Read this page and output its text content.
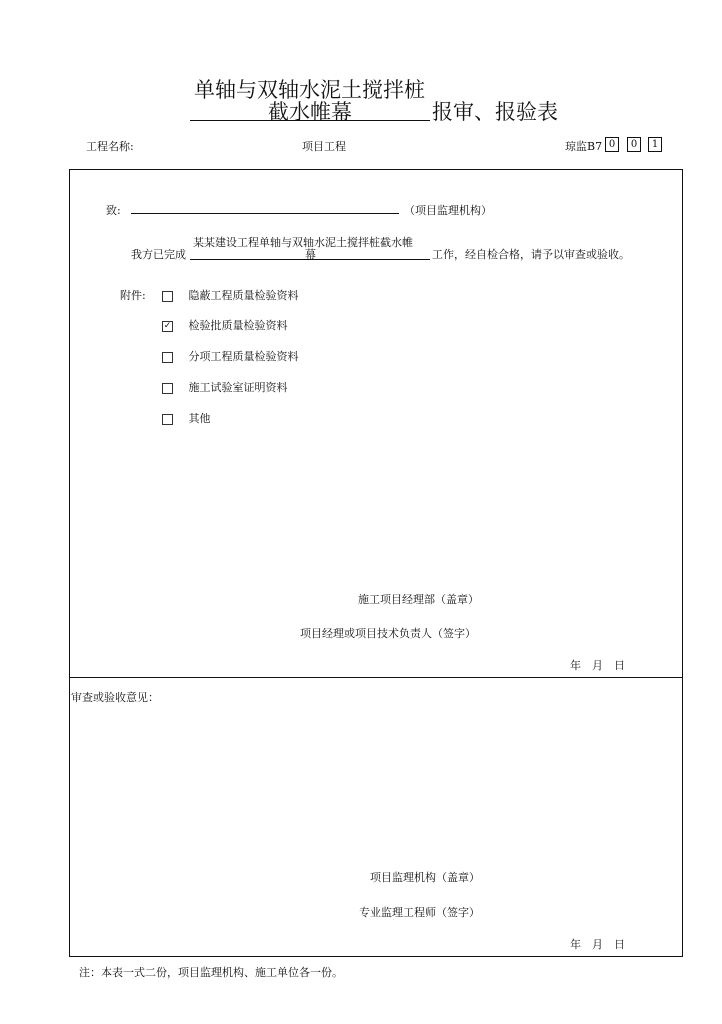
单轴与双轴水泥土搅拌桩
截水帷幕	报审、报验表
工程名称:	项目工程	琼监B7 0	0	1
致:	（项目监理机构）
我方已完成
某某建设工程单轴与双轴水泥土搅拌桩截水帷
幕	工作，经自检合格，请予以审查或验收。
附件:	隐蔽工程质量检验资料
✓ 检验批质量检验资料
分项工程质量检验资料
施工试验室证明资料
其他
施工项目经理部（盖章）
项目经理或项目技术负责人（签字）
年　月　日
审查或验收意见：
项目监理机构（盖章）
专业监理工程师（签字）
年　月　日
注：本表一式二份，项目监理机构、施工单位各一份。
